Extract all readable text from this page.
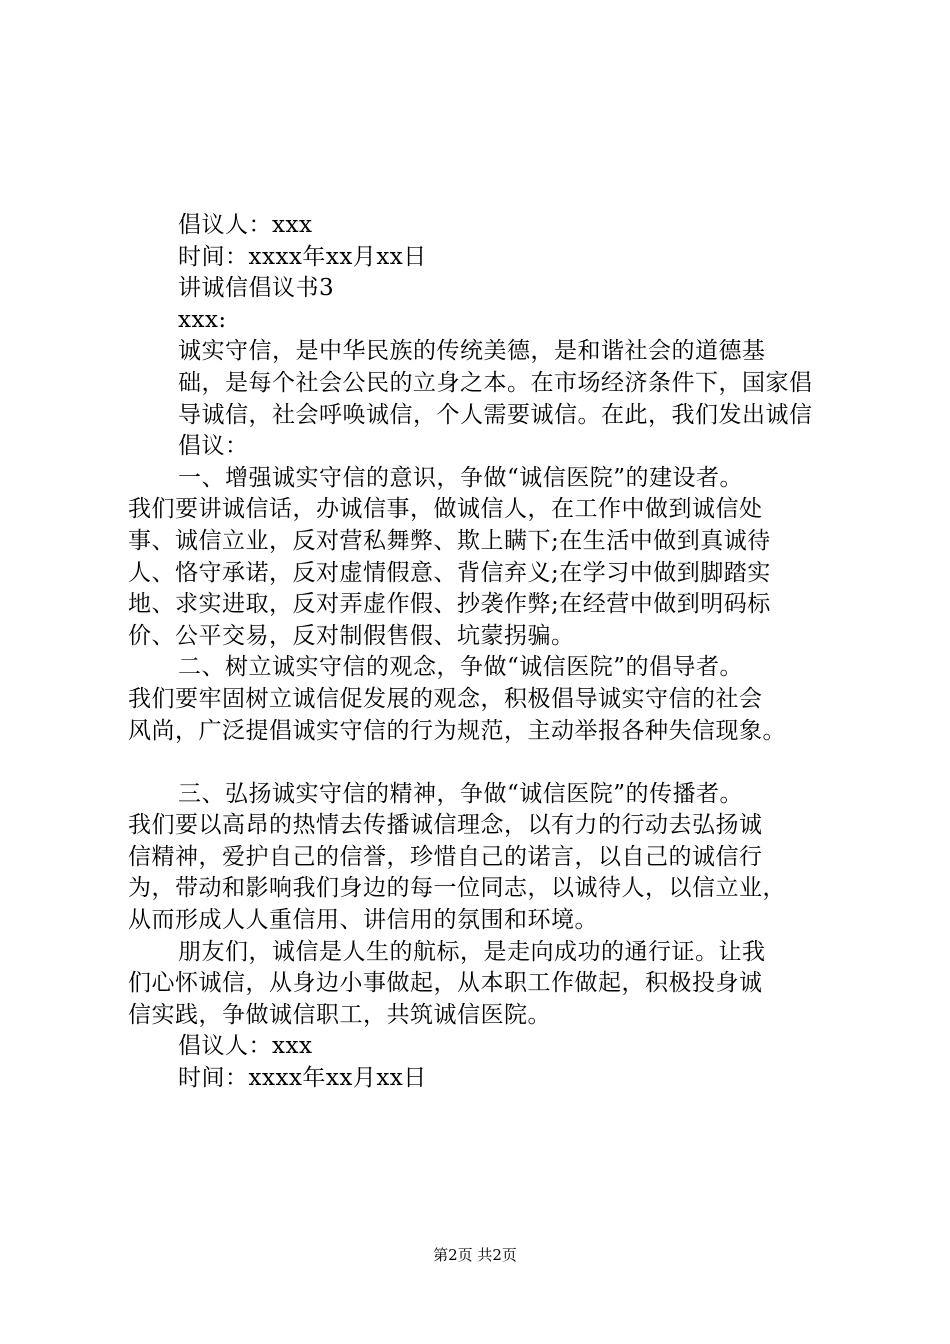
倡议人：xxx
时间：xxxx年xx月xx日
讲诚信倡议书3
xxx:
诚实守信，是中华民族的传统美德，是和谐社会的道德基
础，是每个社会公民的立身之本。在市场经济条件下，国家倡
导诚信，社会呼唤诚信，个人需要诚信。在此，我们发出诚信
倡议：
一、增强诚实守信的意识，争做“诚信医院”的建设者。
我们要讲诚信话，办诚信事，做诚信人，在工作中做到诚信处
事、诚信立业，反对营私舞弊、欺上瞒下;在生活中做到真诚待
人、恪守承诺，反对虚情假意、背信弃义;在学习中做到脚踏实
地、求实进取，反对弄虚作假、抄袭作弊;在经营中做到明码标
价、公平交易，反对制假售假、坑蒙拐骗。
二、树立诚实守信的观念，争做“诚信医院”的倡导者。
我们要牢固树立诚信促发展的观念，积极倡导诚实守信的社会
风尚，广泛提倡诚实守信的行为规范，主动举报各种失信现象。
三、弘扬诚实守信的精神，争做“诚信医院”的传播者。
我们要以高昂的热情去传播诚信理念，以有力的行动去弘扬诚
信精神，爱护自己的信誉，珍惜自己的诺言，以自己的诚信行
为，带动和影响我们身边的每一位同志，以诚待人，以信立业，
从而形成人人重信用、讲信用的氛围和环境。
朋友们，诚信是人生的航标，是走向成功的通行证。让我
们心怀诚信，从身边小事做起，从本职工作做起，积极投身诚
信实践，争做诚信职工，共筑诚信医院。
倡议人：xxx
时间：xxxx年xx月xx日
第2页 共2页
